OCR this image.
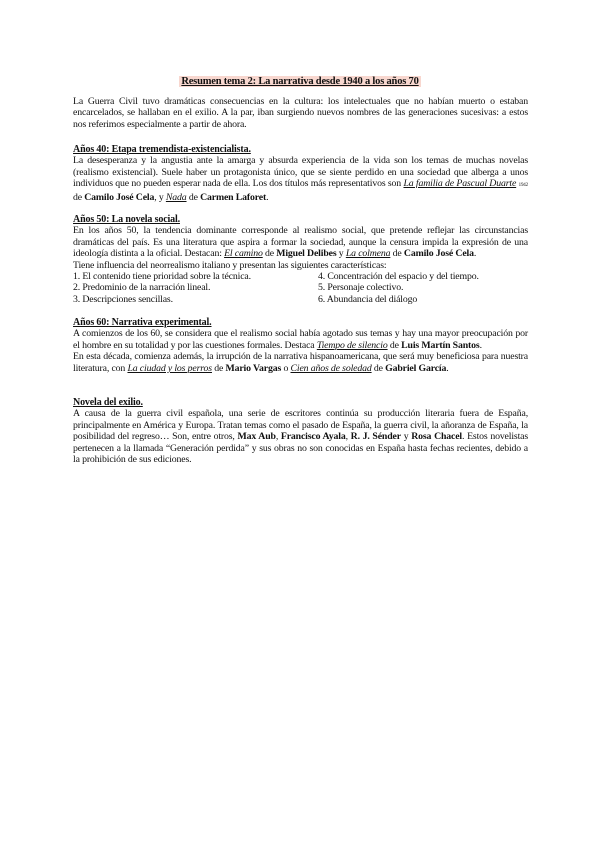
Resumen tema 2: La narrativa desde 1940 a los años 70

La Guerra Civil tuvo dramáticas consecuencias en la cultura: los intelectuales que no habían muerto o estaban encarcelados, se hallaban en el exilio. A la par, iban surgiendo nuevos nombres de las generaciones sucesivas: a estos nos referimos especialmente a partir de ahora.

Años 40: Etapa tremendista-existencialista.

La desesperanza y la angustia ante la amarga y absurda experiencia de la vida son los temas de muchas novelas (realismo existencial). Suele haber un protagonista único, que se siente perdido en una sociedad que alberga a unos individuos que no pueden esperar nada de ella. Los dos títulos más representativos son La familia de Pascual Duarte 1942 de Camilo José Cela, y Nada de Carmen Laforet.

Años 50: La novela social.

En los años 50, la tendencia dominante corresponde al realismo social, que pretende reflejar las circunstancias dramáticas del país. Es una literatura que aspira a formar la sociedad, aunque la censura impida la expresión de una ideología distinta a la oficial. Destacan: El camino de Miguel Delibes y La colmena de Camilo José Cela.

Tiene influencia del neorrealismo italiano y presentan las siguientes características:

1. El contenido tiene prioridad sobre la técnica.

2. Predominio de la narración lineal.

3. Descripciones sencillas.

4. Concentración del espacio y del tiempo.

5. Personaje colectivo.

6. Abundancia del diálogo

Años 60: Narrativa experimental.

A comienzos de los 60, se considera que el realismo social había agotado sus temas y hay una mayor preocupación por el hombre en su totalidad y por las cuestiones formales. Destaca Tiempo de silencio de Luis Martín Santos.

En esta década, comienza además, la irrupción de la narrativa hispanoamericana, que será muy beneficiosa para nuestra literatura, con La ciudad y los perros de Mario Vargas o Cien años de soledad de Gabriel García.

Novela del exilio.

A causa de la guerra civil española, una serie de escritores continúa su producción literaria fuera de España, principalmente en América y Europa. Tratan temas como el pasado de España, la guerra civil, la añoranza de España, la posibilidad del regreso… Son, entre otros, Max Aub, Francisco Ayala, R. J. Sénder y Rosa Chacel. Estos novelistas pertenecen a la llamada “Generación perdida” y sus obras no son conocidas en España hasta fechas recientes, debido a la prohibición de sus ediciones.
